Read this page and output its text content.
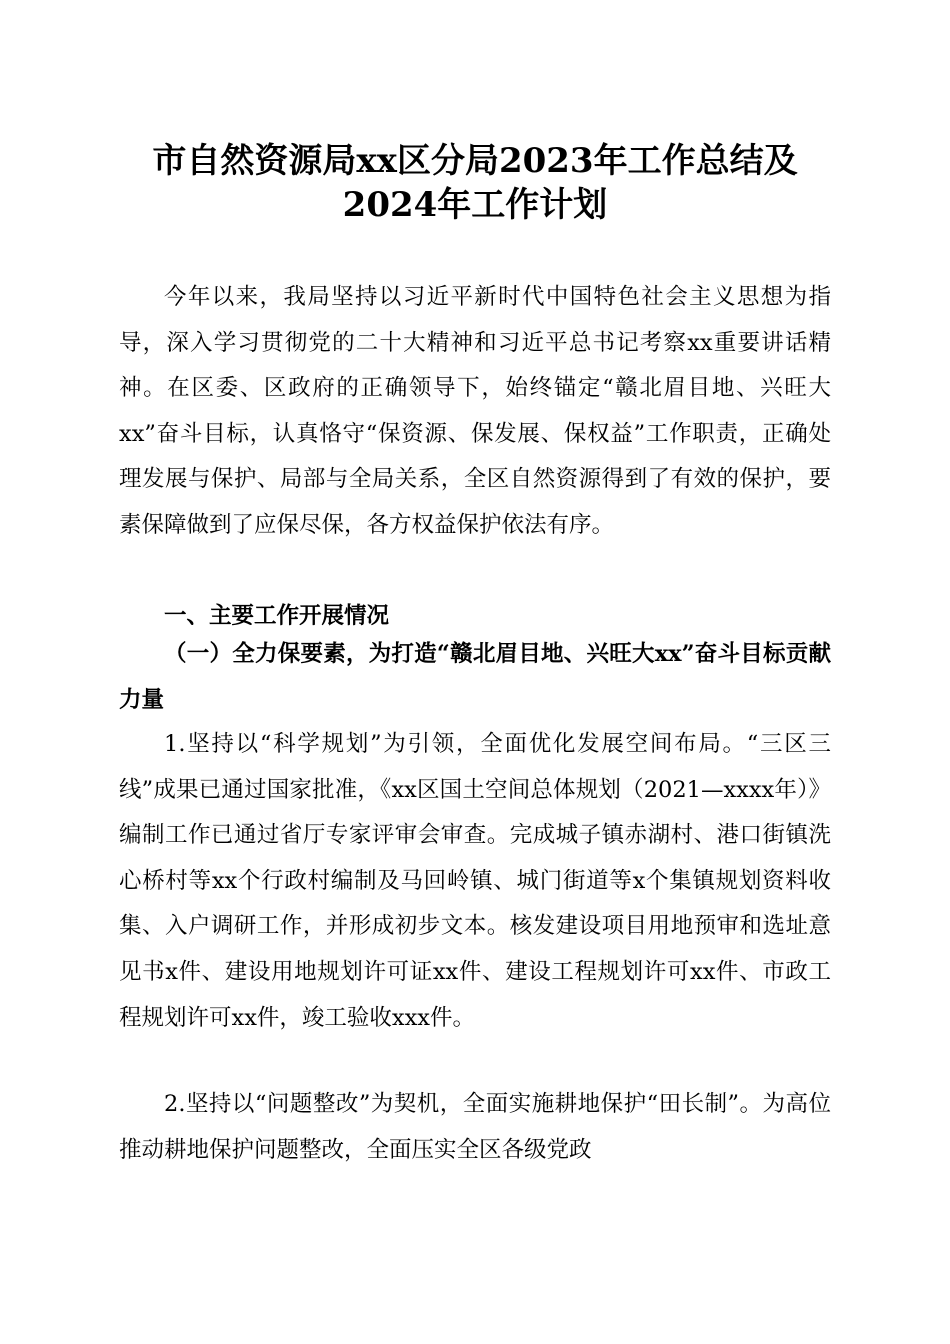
市自然资源局xx区分局2023年工作总结及
2024年工作计划
今年以来，我局坚持以习近平新时代中国特色社会主义思想为指导，深入学习贯彻党的二十大精神和习近平总书记考察xx重要讲话精神。在区委、区政府的正确领导下，始终锚定“赣北眉目地、兴旺大xx”奋斗目标，认真恪守“保资源、保发展、保权益”工作职责，正确处理发展与保护、局部与全局关系，全区自然资源得到了有效的保护，要素保障做到了应保尽保，各方权益保护依法有序。
一、主要工作开展情况
（一）全力保要素，为打造“赣北眉目地、兴旺大xx”奋斗目标贡献力量
1.坚持以“科学规划”为引领，全面优化发展空间布局。“三区三线”成果已通过国家批准，《xx区国土空间总体规划（2021—xxxx年）》编制工作已通过省厅专家评审会审查。完成城子镇赤湖村、港口街镇洗心桥村等xx个行政村编制及马回岭镇、城门街道等x个集镇规划资料收集、入户调研工作，并形成初步文本。核发建设项目用地预审和选址意见书x件、建设用地规划许可证xx件、建设工程规划许可xx件、市政工程规划许可xx件，竣工验收xxx件。
2.坚持以“问题整改”为契机，全面实施耕地保护“田长制”。为高位推动耕地保护问题整改，全面压实全区各级党政
